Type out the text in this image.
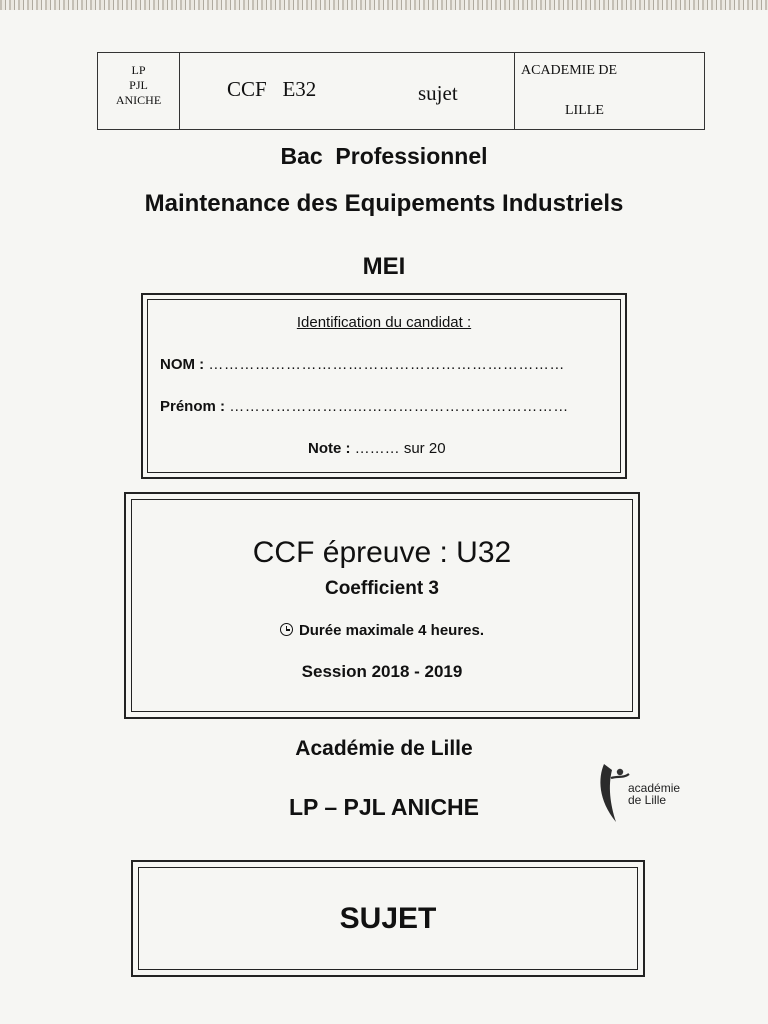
LP
PJL
ANICHE	CCF   E32	sujet
ACADEMIE DE
LILLE
Bac  Professionnel
Maintenance des Equipements Industriels
MEI
Identification du candidat :
NOM : ……………………………………………………………
Prénom : ……………………...…………………………………
Note : ……… sur 20
CCF épreuve : U32
Coefficient 3
Durée maximale 4 heures.
Session 2018 - 2019
Académie de Lille
LP – PJL ANICHE
académie
de Lille
SUJET
